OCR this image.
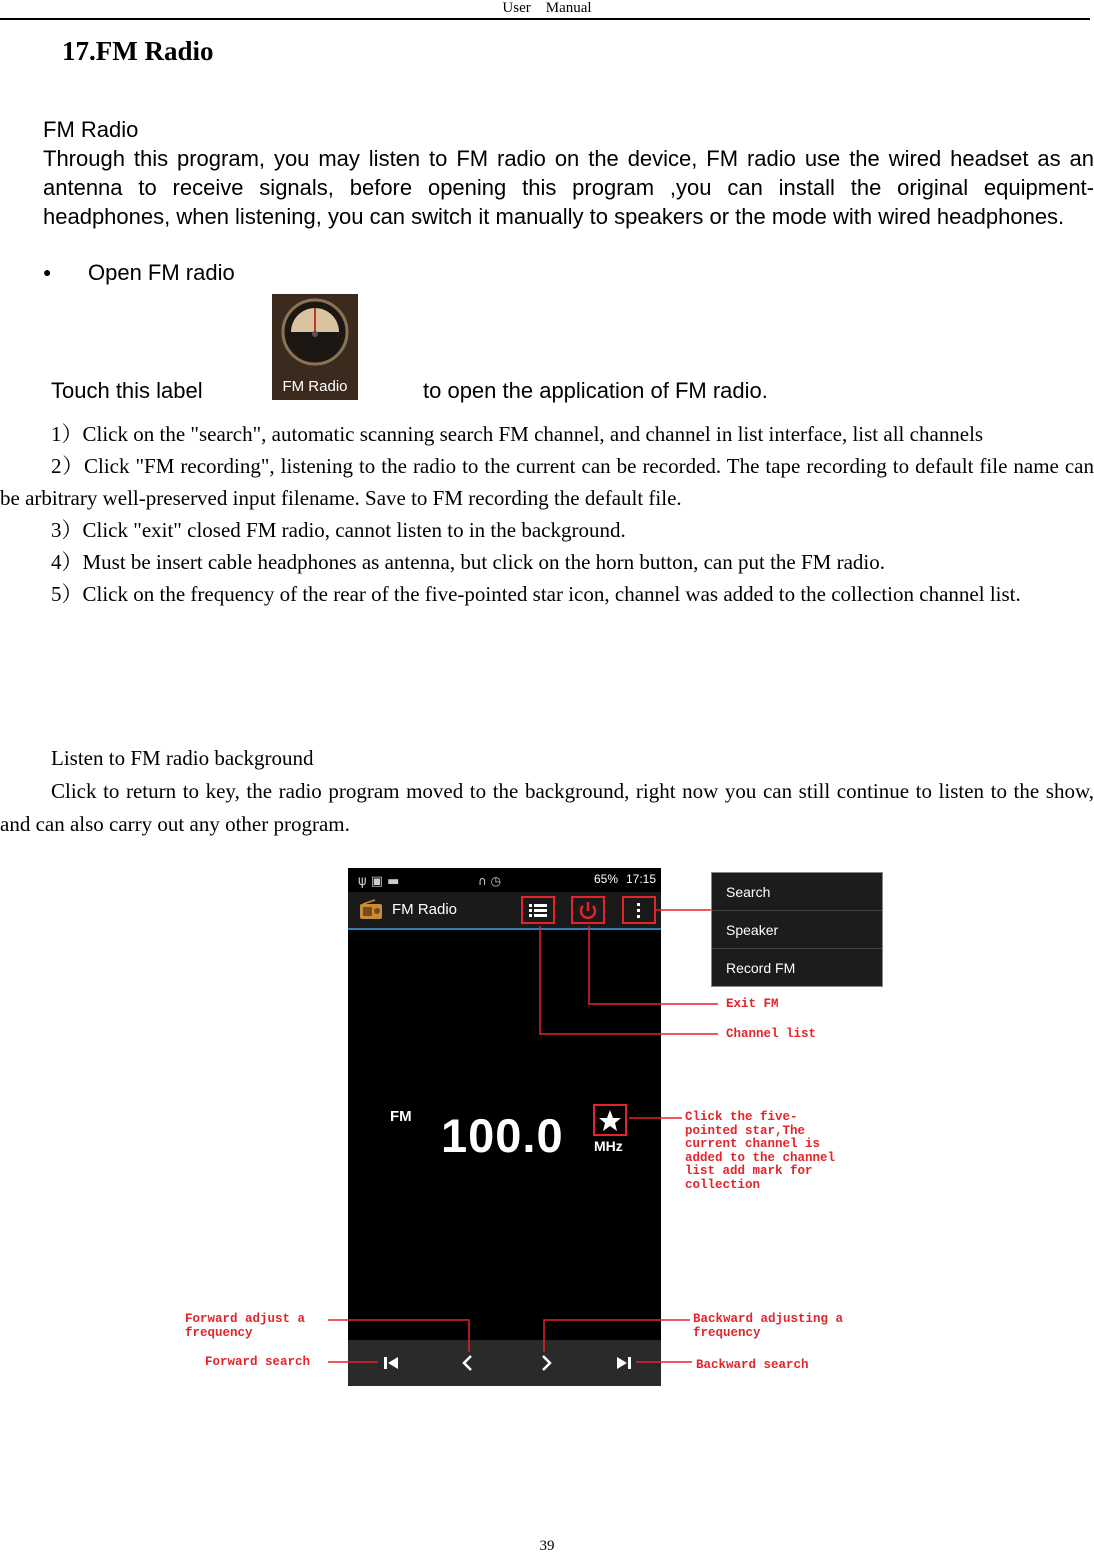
User Manual
17.FM Radio
FM Radio

Through this program, you may listen to FM radio on the device, FM radio use the wired headset as an antenna to receive signals, before opening this program ,you can install the original equipment-headphones, when listening, you can switch it manually to speakers or the mode with wired headphones.

● Open FM radio
Touch this label	FM Radio	to open the application of FM radio.

1）Click on the "search", automatic scanning search FM channel, and channel in list interface, list all channels

2）Click "FM recording", listening to the radio to the current can be recorded. The tape recording to default file name can be arbitrary well-preserved input filename. Save to FM recording the default file.

3）Click "exit" closed FM radio, cannot listen to in the background.

4）Must be insert cable headphones as antenna, but click on the horn button, can put the FM radio.

5）Click on the frequency of the rear of the five-pointed star icon, channel was added to the collection channel list.

Listen to FM radio background

Click to return to key, the radio program moved to the background, right now you can still continue to listen to the show, and can also carry out any other program.

ψ ▣ ▬	∩ ◷	65% 17:15
FM Radio
FM 100.0 MHz
Search
Speaker
Record FM
Exit FM
Channel list
Click the five-
pointed star,The
current channel is
added to the channel
list add mark for
collection
Forward adjust a
frequency
Forward search
Backward adjusting a
frequency
Backward search
39
